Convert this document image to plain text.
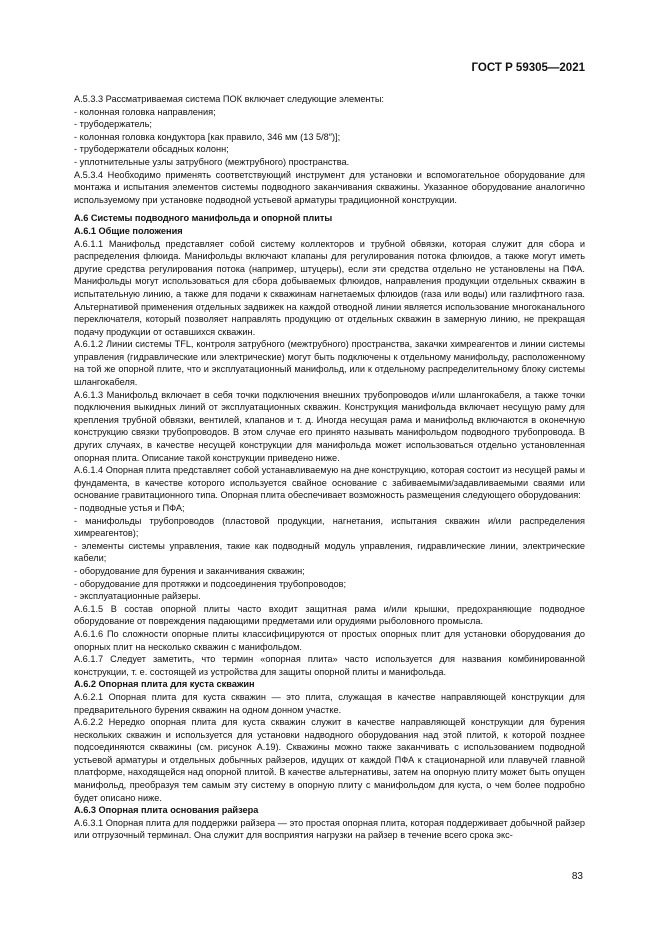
ГОСТ Р 59305—2021

А.5.3.3 Рассматриваемая система ПОК включает следующие элементы:

- колонная головка направления;

- трубодержатель;

- колонная головка кондуктора [как правило, 346 мм (13 5/8″)];

- трубодержатели обсадных колонн;

- уплотнительные узлы затрубного (межтрубного) пространства.

А.5.3.4 Необходимо применять соответствующий инструмент для установки и вспомогательное оборудование для монтажа и испытания элементов системы подводного заканчивания скважины. Указанное оборудование аналогично используемому при установке подводной устьевой арматуры традиционной конструкции.

А.6 Системы подводного манифольда и опорной плиты

А.6.1 Общие положения

А.6.1.1 Манифольд представляет собой систему коллекторов и трубной обвязки, которая служит для сбора и распределения флюида. Манифольды включают клапаны для регулирования потока флюидов, а также могут иметь другие средства регулирования потока (например, штуцеры), если эти средства отдельно не установлены на ПФА. Манифольды могут использоваться для сбора добываемых флюидов, направления продукции отдельных скважин в испытательную линию, а также для подачи к скважинам нагнетаемых флюидов (газа или воды) или газлифтного газа. Альтернативой применения отдельных задвижек на каждой отводной линии является использование многоканального переключателя, который позволяет направлять продукцию от отдельных скважин в замерную линию, не прекращая подачу продукции от оставшихся скважин.

А.6.1.2 Линии системы TFL, контроля затрубного (межтрубного) пространства, закачки химреагентов и линии системы управления (гидравлические или электрические) могут быть подключены к отдельному манифольду, расположенному на той же опорной плите, что и эксплуатационный манифольд, или к отдельному распределительному блоку системы шлангокабеля.

А.6.1.3 Манифольд включает в себя точки подключения внешних трубопроводов и/или шлангокабеля, а также точки подключения выкидных линий от эксплуатационных скважин. Конструкция манифольда включает несущую раму для крепления трубной обвязки, вентилей, клапанов и т. д. Иногда несущая рама и манифольд включаются в оконечную конструкцию связки трубопроводов. В этом случае его принято называть манифольдом подводного трубопровода. В других случаях, в качестве несущей конструкции для манифольда может использоваться отдельно установленная опорная плита. Описание такой конструкции приведено ниже.

А.6.1.4 Опорная плита представляет собой устанавливаемую на дне конструкцию, которая состоит из несущей рамы и фундамента, в качестве которого используется свайное основание с забиваемыми/задавливаемыми сваями или основание гравитационного типа. Опорная плита обеспечивает возможность размещения следующего оборудования:

- подводные устья и ПФА;

- манифольды трубопроводов (пластовой продукции, нагнетания, испытания скважин и/или распределения химреагентов);

- элементы системы управления, такие как подводный модуль управления, гидравлические линии, электрические кабели;

- оборудование для бурения и заканчивания скважин;

- оборудование для протяжки и подсоединения трубопроводов;

- эксплуатационные райзеры.

А.6.1.5 В состав опорной плиты часто входит защитная рама и/или крышки, предохраняющие подводное оборудование от повреждения падающими предметами или орудиями рыболовного промысла.

А.6.1.6 По сложности опорные плиты классифицируются от простых опорных плит для установки оборудования до опорных плит на несколько скважин с манифольдом.

А.6.1.7 Следует заметить, что термин «опорная плита» часто используется для названия комбинированной конструкции, т. е. состоящей из устройства для защиты опорной плиты и манифольда.

А.6.2 Опорная плита для куста скважин

А.6.2.1 Опорная плита для куста скважин — это плита, служащая в качестве направляющей конструкции для предварительного бурения скважин на одном донном участке.

А.6.2.2 Нередко опорная плита для куста скважин служит в качестве направляющей конструкции для бурения нескольких скважин и используется для установки надводного оборудования над этой плитой, к которой позднее подсоединяются скважины (см. рисунок А.19). Скважины можно также заканчивать с использованием подводной устьевой арматуры и отдельных добычных райзеров, идущих от каждой ПФА к стационарной или плавучей главной платформе, находящейся над опорной плитой. В качестве альтернативы, затем на опорную плиту может быть опущен манифольд, преобразуя тем самым эту систему в опорную плиту с манифольдом для куста, о чем более подробно будет описано ниже.

А.6.3 Опорная плита основания райзера

А.6.3.1 Опорная плита для поддержки райзера — это простая опорная плита, которая поддерживает добычной райзер или отгрузочный терминал. Она служит для восприятия нагрузки на райзер в течение всего срока экс-

83
